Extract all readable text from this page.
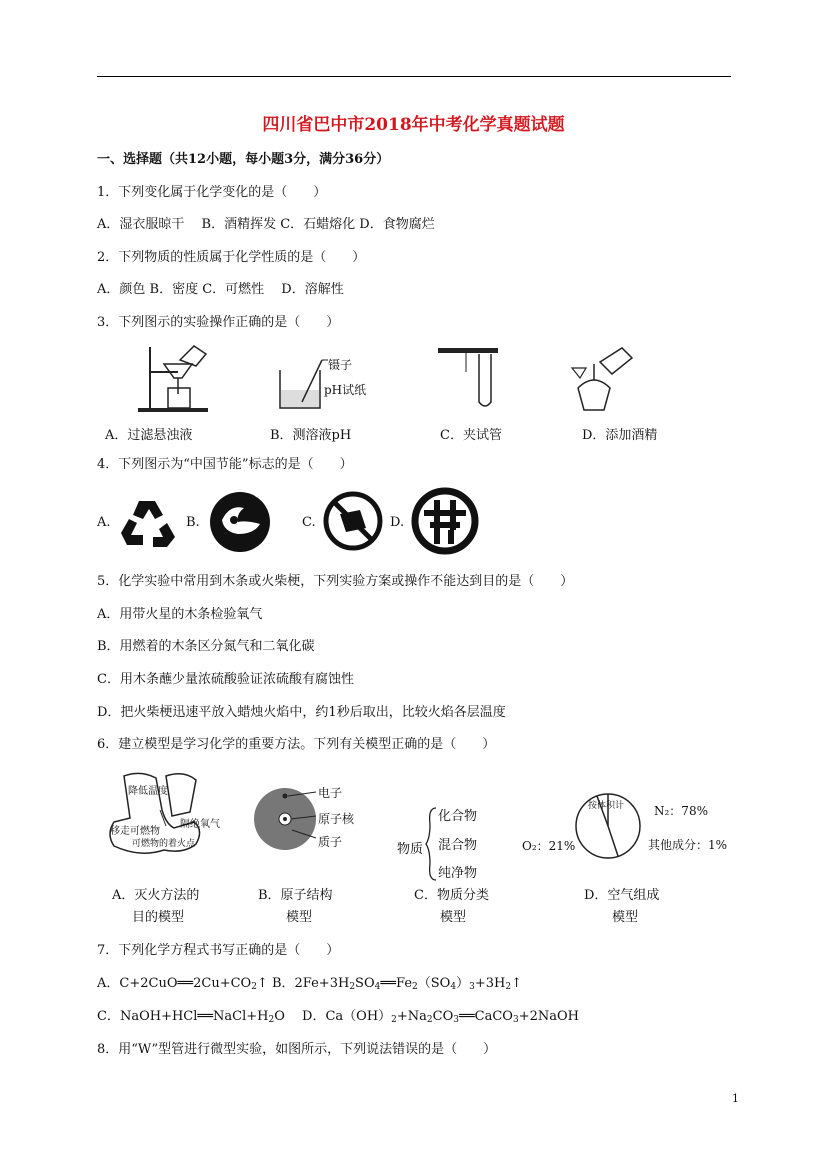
四川省巴中市2018年中考化学真题试题
一、选择题（共12小题，每小题3分，满分36分）
1．下列变化属于化学变化的是（　　）
A．湿衣服晾干　 B．酒精挥发 C．石蜡熔化 D．食物腐烂
2．下列物质的性质属于化学性质的是（　　）
A．颜色 B．密度 C．可燃性　 D．溶解性
3．下列图示的实验操作正确的是（　　）
镊子
pH试纸
A．过滤悬浊液	B．测溶液pH	C．夹试管	D．添加酒精
4．下列图示为“中国节能”标志的是（　　）
A.	B.	C.	D.
5．化学实验中常用到木条或火柴梗，下列实验方案或操作不能达到目的是（　　）
A．用带火星的木条检验氧气
B．用燃着的木条区分氮气和二氧化碳
C．用木条蘸少量浓硫酸验证浓硫酸有腐蚀性
D．把火柴梗迅速平放入蜡烛火焰中，约1秒后取出，比较火焰各层温度
6．建立模型是学习化学的重要方法。下列有关模型正确的是（　　）
隔绝氧气
降低温度
移走可燃物
可燃物的着火点
电子
原子核
质子	物质
化合物
混合物
纯净物
按体积计 N₂：78%
O₂：21%	其他成分：1%
A．灭火方法的
目的模型
B．原子结构
模型
C．物质分类
模型
D．空气组成
模型
7．下列化学方程式书写正确的是（　　）
A．$C+2CuO══2Cu+CO_2↑$ B．$2Fe+3H_2SO_4══Fe_2(SO_4)_3+3H_2↑$
C．$NaOH+HCl══NaCl+H_2O$　 D．$Ca(OH)_2+Na_2CO_3══CaCO_3+2NaOH$
8．用“W”型管进行微型实验，如图所示，下列说法错误的是（　　）
1
